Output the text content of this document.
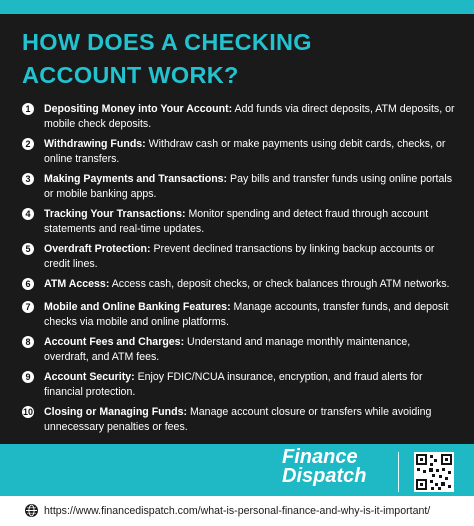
HOW DOES A CHECKING
ACCOUNT WORK?
1	Depositing Money into Your Account: Add funds via direct deposits, ATM deposits, or mobile check deposits.
2	Withdrawing Funds: Withdraw cash or make payments using debit cards, checks, or online transfers.
3	Making Payments and Transactions: Pay bills and transfer funds using online portals or mobile banking apps.
4	Tracking Your Transactions: Monitor spending and detect fraud through account statements and real-time updates.
5	Overdraft Protection: Prevent declined transactions by linking backup accounts or credit lines.
6	ATM Access: Access cash, deposit checks, or check balances through ATM networks.
7	Mobile and Online Banking Features: Manage accounts, transfer funds, and deposit checks via mobile and online platforms.
8	Account Fees and Charges: Understand and manage monthly maintenance, overdraft, and ATM fees.
9	Account Security: Enjoy FDIC/NCUA insurance, encryption, and fraud alerts for financial protection.
10 Closing or Managing Funds: Manage account closure or transfers while avoiding unnecessary penalties or fees.
Finance
Dispatch
https://www.financedispatch.com/what-is-personal-finance-and-why-is-it-important/
